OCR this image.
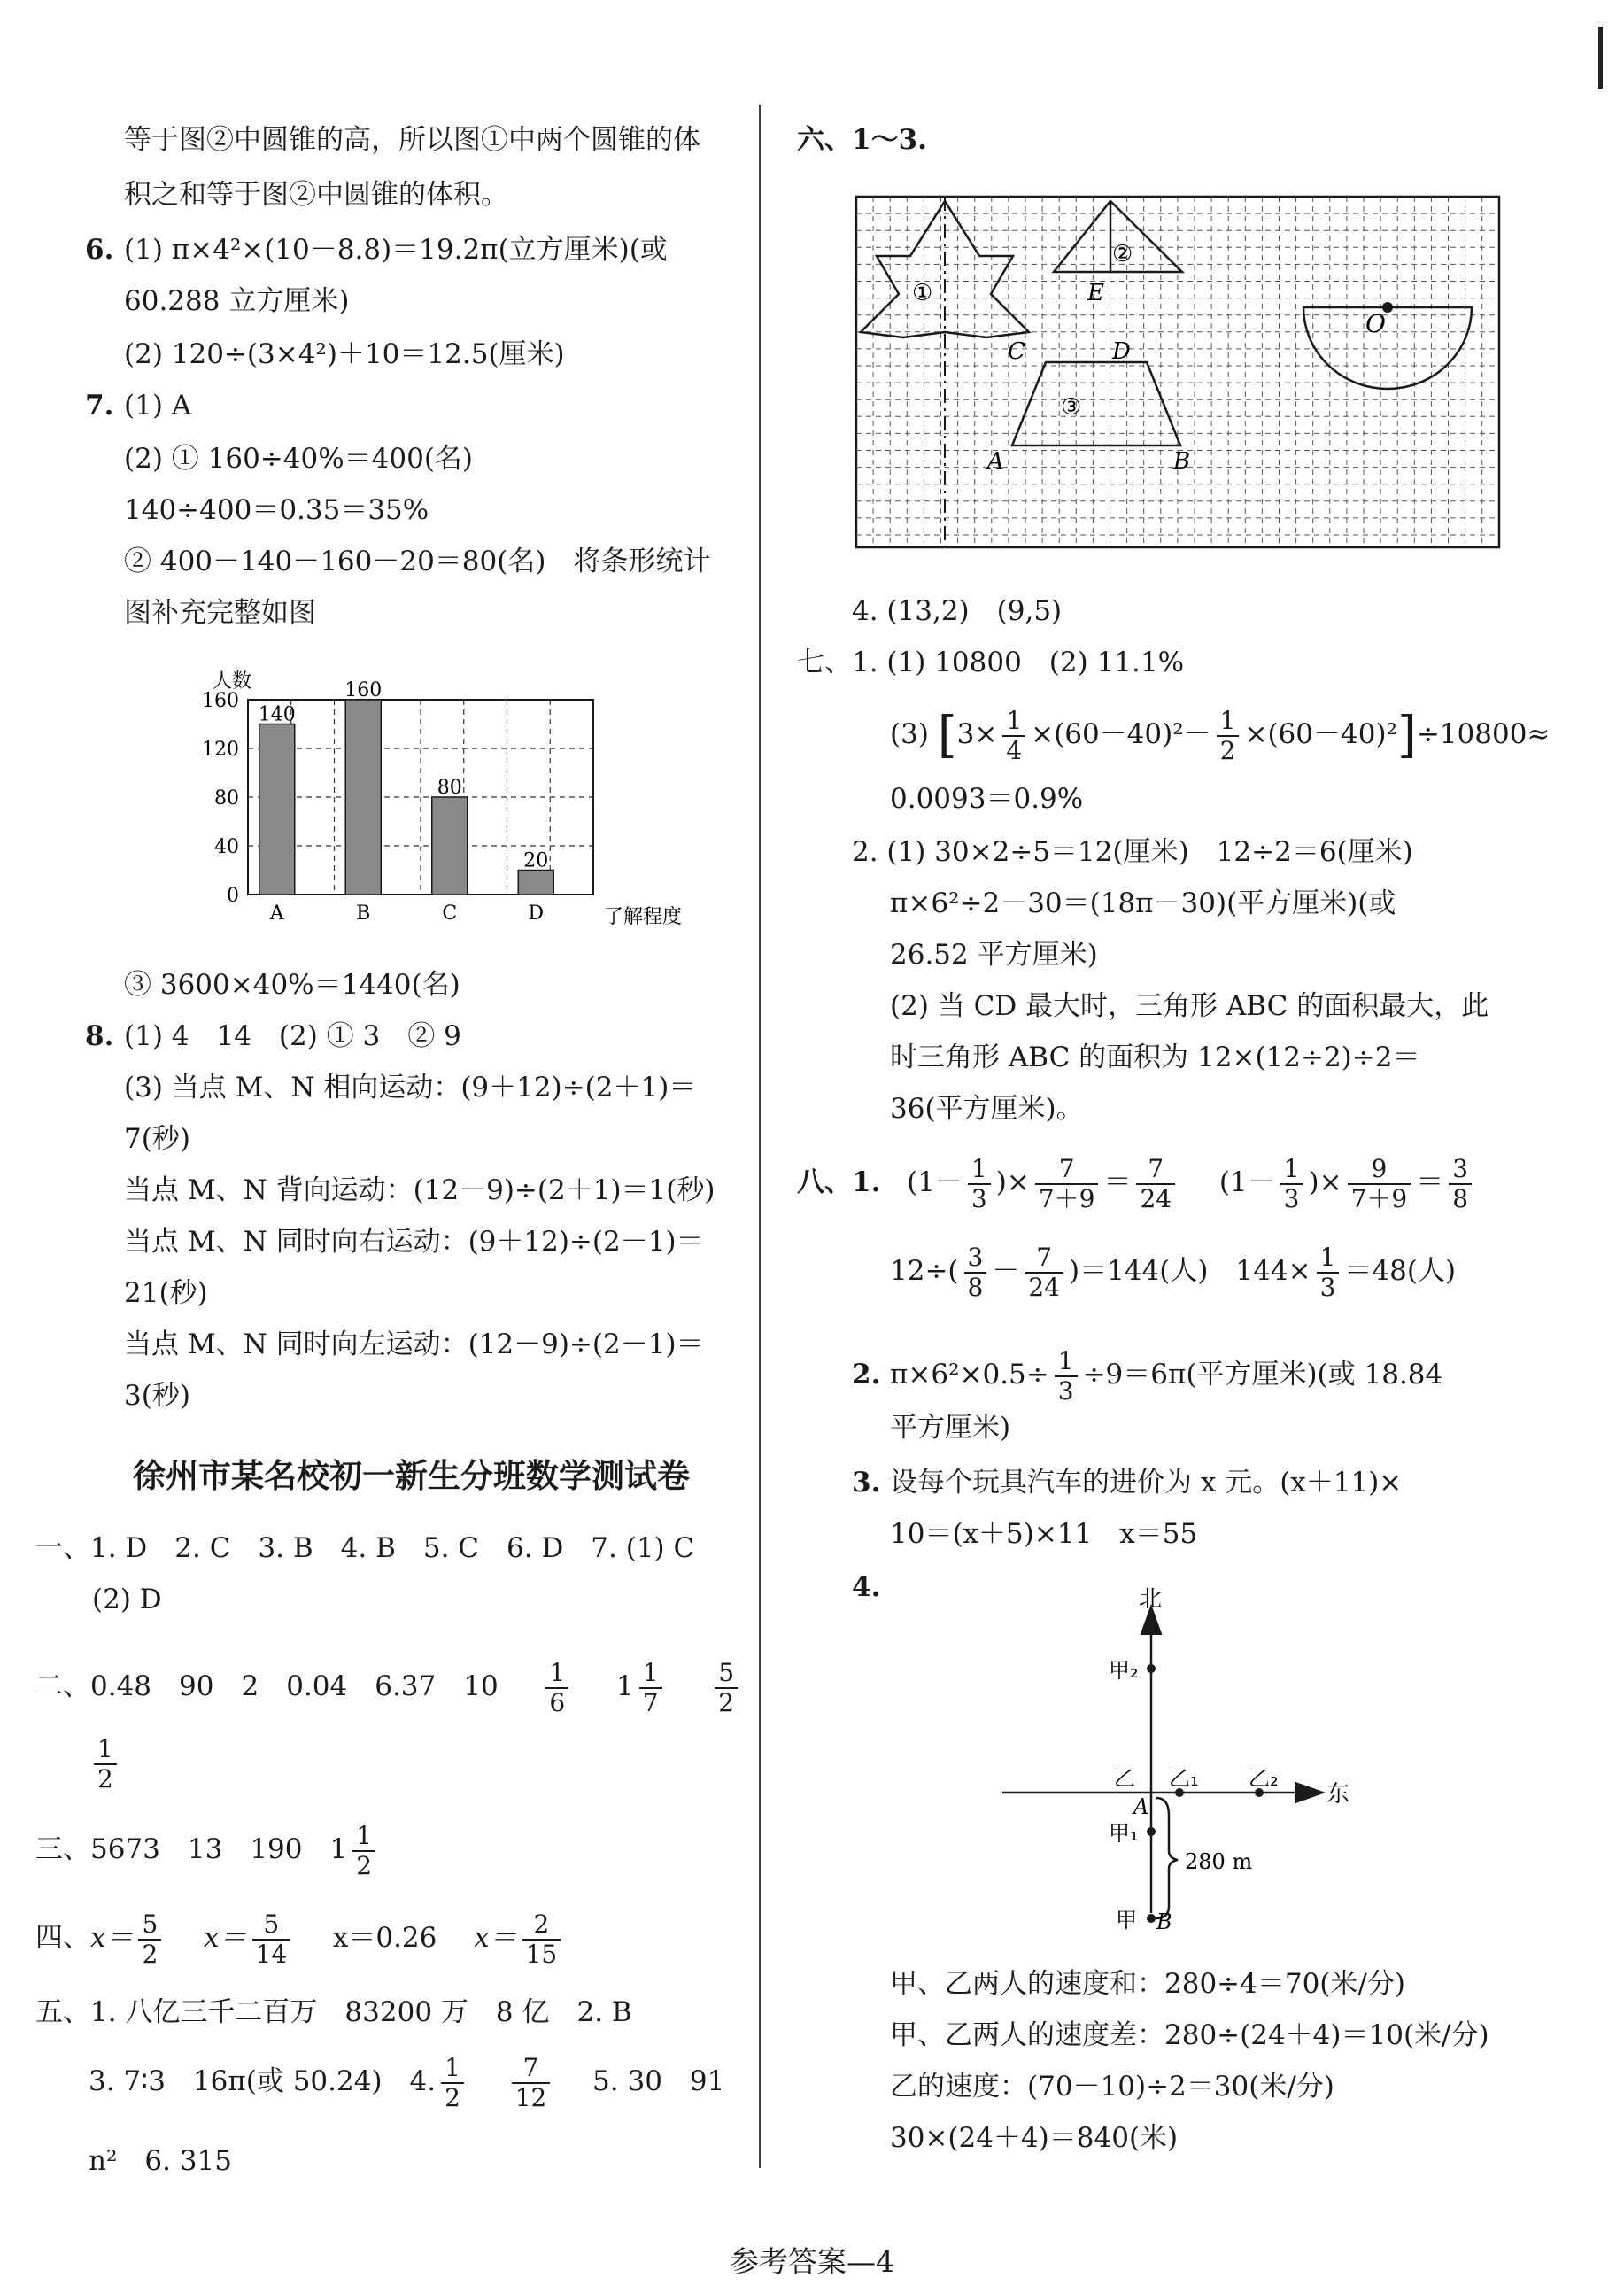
等于图②中圆锥的高，所以图①中两个圆锥的体
积之和等于图②中圆锥的体积。
6. (1) π×4²×(10－8.8)＝19.2π(立方厘米)(或
60.288 立方厘米)
(2) 120÷(3×4²)＋10＝12.5(厘米)
7. (1) A
(2) ① 160÷40%＝400(名)
140÷400＝0.35＝35%
② 400－140－160－20＝80(名)　将条形统计
图补充完整如图
0
40
80
120
160
140
A
160
B
80
C
20
D
人数
了解程度
③ 3600×40%＝1440(名)
8. (1) 4　14　(2) ① 3　② 9
(3) 当点 M、N 相向运动：(9＋12)÷(2＋1)＝
7(秒)
当点 M、N 背向运动：(12－9)÷(2＋1)＝1(秒)
当点 M、N 同时向右运动：(9＋12)÷(2－1)＝
21(秒)
当点 M、N 同时向左运动：(12－9)÷(2－1)＝
3(秒)
徐州市某名校初一新生分班数学测试卷
一、1. D　2. C　3. B　4. B　5. C　6. D　7. (1) C
(2) D
二、0.48　90　2　0.04　6.37　$10 \frac{1}{6} 1 \frac{1}{7}$
$\frac{5}{2}$
$\frac{1}{2}$
三、5673　13　190　$1 \frac{1}{2}$
四、$x= \frac{5}{2} x= \frac{5}{14} x=0.26$ $x= \frac{2}{15}$
五、1. 八亿三千二百万　83200 万　8 亿　2. B
3. 7∶3　16π(或 50.24)　4. $\frac{1}{2}$
$\frac{7}{12} 5$. 30　91
n²　6. 315
六、1～3.
①
②
E
O
③
C	D
A	B
4. (13,2)　(9,5)
七、1. (1) 10800　(2) 11.1%
(3) $[3\times \frac{1}{4} \times(60-40)^2- \frac{1}{2} \times(60-40)^2]\div 10800\approx$
0.0093＝0.9%
2. (1) 30×2÷5＝12(厘米)　12÷2＝6(厘米)
π×6²÷2－30＝(18π－30)(平方厘米)(或
26.52 平方厘米)
(2) 当 CD 最大时，三角形 ABC 的面积最大，此
时三角形 ABC 的面积为 12×(12÷2)÷2＝
36(平方厘米)。
八、1. ($1- \frac{1}{3}$ )× $\frac{7}{7+9} = \frac{7}{24} (1- \frac{1}{3}$ )× $\frac{9}{7+9} = \frac{3}{8}$
$12\div( \frac{3}{8} - \frac{7}{24} )=144$(人)　$144\times \frac{1}{3} =48$(人)
2. $\pi\times 6^2\times 0.5\div \frac{1}{3} \div 9=6\pi$(平方厘米)(或 18.84
平方厘米)
3. 设每个玩具汽车的进价为 x 元。(x＋11)×
10＝(x＋5)×11　x＝55
4.	北
东
甲₂
乙 乙₁ 乙₂
A
甲₁
280 m
甲 B
甲、乙两人的速度和：280÷4＝70(米/分)
甲、乙两人的速度差：280÷(24＋4)＝10(米/分)
乙的速度：(70－10)÷2＝30(米/分)
30×(24＋4)＝840(米)
参考答案—4
